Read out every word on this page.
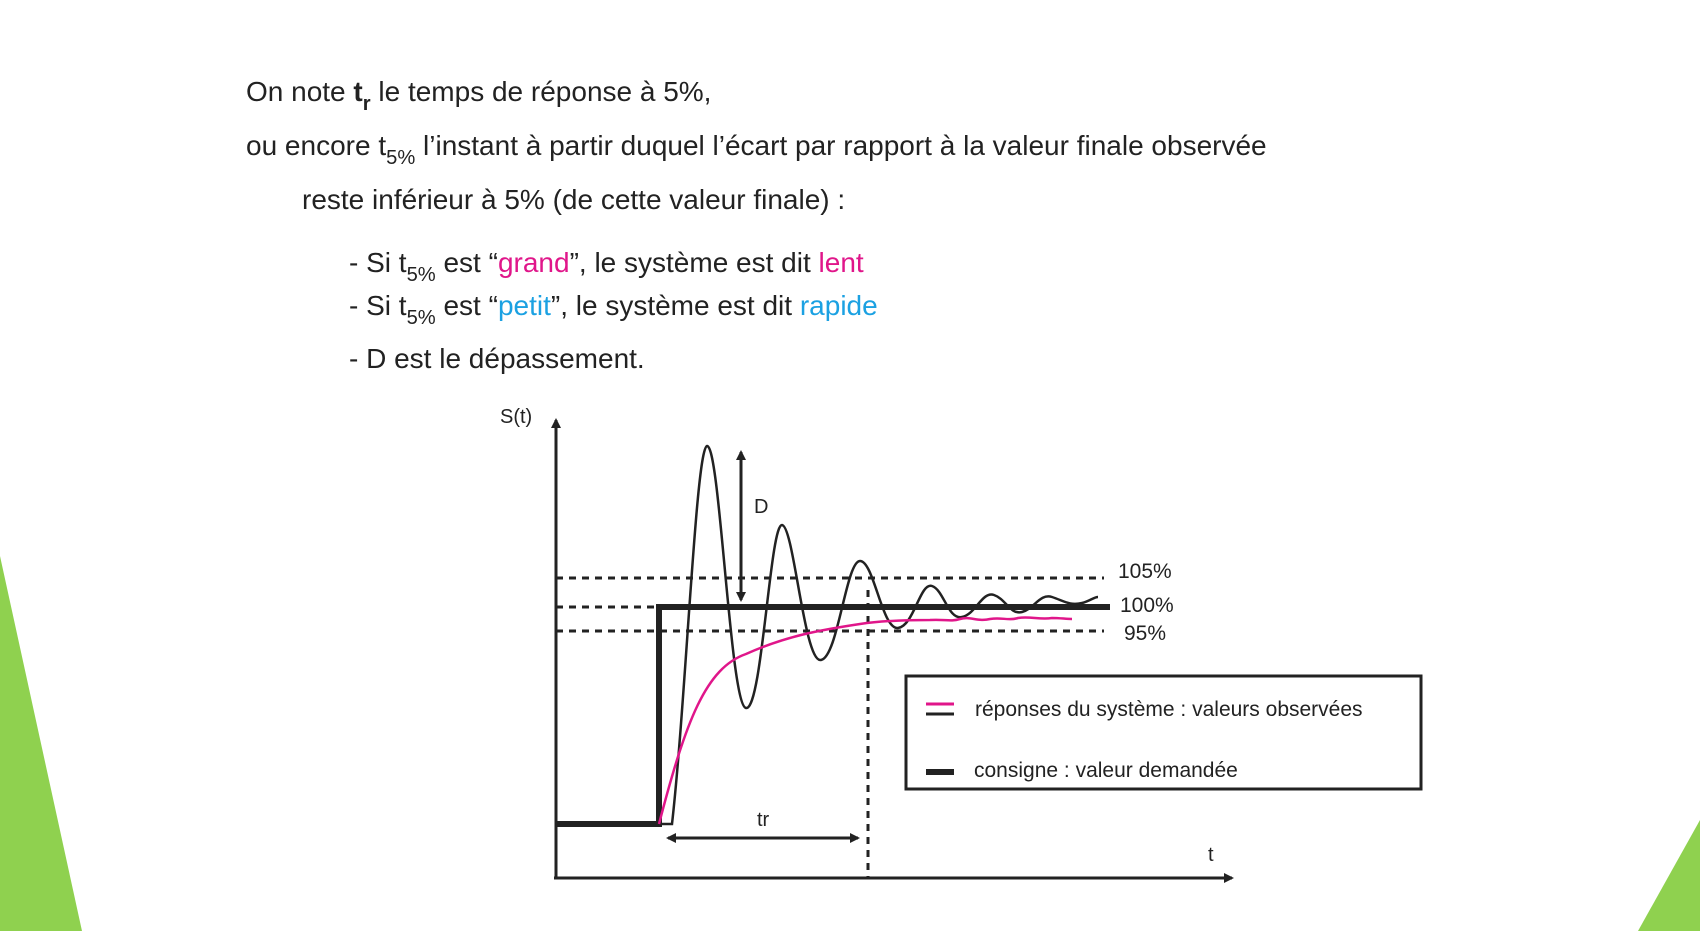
On note $t_r$ le temps de réponse à 5%,
ou encore $t_{5\%}$ l’instant à partir duquel l’écart par rapport à la valeur finale observée
reste inférieur à 5% (de cette valeur finale) :
- Si $t_{5\%}$ est “grand”, le système est dit lent
- Si $t_{5\%}$ est “petit”, le système est dit rapide
- D est le dépassement.
S(t)
t
105%
100%
95%
D
tr
réponses du système : valeurs observées
consigne : valeur demandée
